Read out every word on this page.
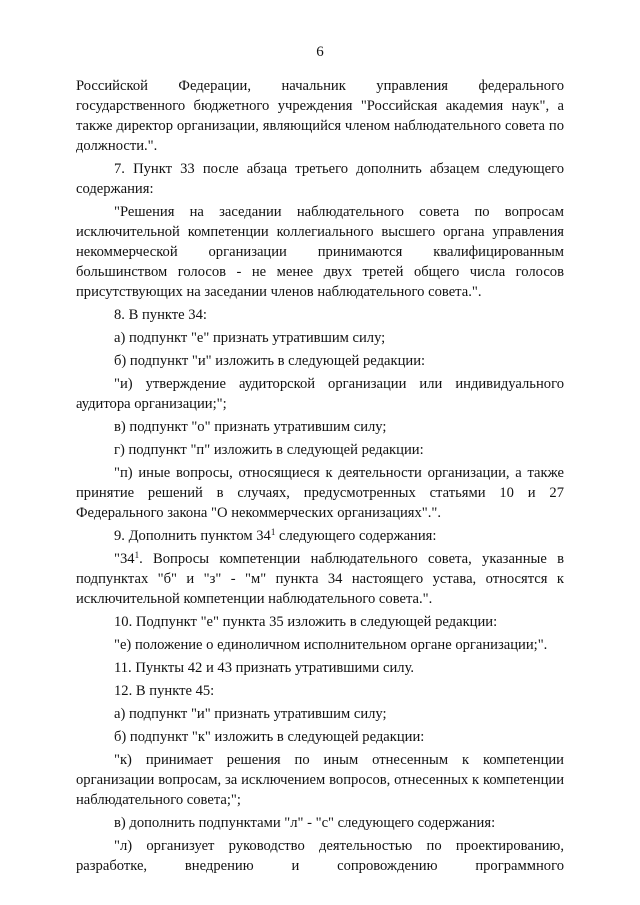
6

Российской Федерации, начальник управления федерального государственного бюджетного учреждения "Российская академия наук", а также директор организации, являющийся членом наблюдательного совета по должности.".

7. Пункт 33 после абзаца третьего дополнить абзацем следующего содержания:

"Решения на заседании наблюдательного совета по вопросам исключительной компетенции коллегиального высшего органа управления некоммерческой организации принимаются квалифицированным большинством голосов - не менее двух третей общего числа голосов присутствующих на заседании членов наблюдательного совета.".

8. В пункте 34:

а) подпункт "е" признать утратившим силу;

б) подпункт "и" изложить в следующей редакции:

"и) утверждение аудиторской организации или индивидуального аудитора организации;";

в) подпункт "о" признать утратившим силу;

г) подпункт "п" изложить в следующей редакции:

"п) иные вопросы, относящиеся к деятельности организации, а также принятие решений в случаях, предусмотренных статьями 10 и 27 Федерального закона "О некоммерческих организациях".".

9. Дополнить пунктом $34^1$ следующего содержания:

"$34^1$. Вопросы компетенции наблюдательного совета, указанные в подпунктах "б" и "з" - "м" пункта 34 настоящего устава, относятся к исключительной компетенции наблюдательного совета.".

10. Подпункт "е" пункта 35 изложить в следующей редакции:

"е) положение о единоличном исполнительном органе организации;".

11. Пункты 42 и 43 признать утратившими силу.

12. В пункте 45:

а) подпункт "и" признать утратившим силу;

б) подпункт "к" изложить в следующей редакции:

"к) принимает решения по иным отнесенным к компетенции организации вопросам, за исключением вопросов, отнесенных к компетенции наблюдательного совета;";

в) дополнить подпунктами "л" - "с" следующего содержания:

"л) организует руководство деятельностью по проектированию, разработке, внедрению и сопровождению программного
